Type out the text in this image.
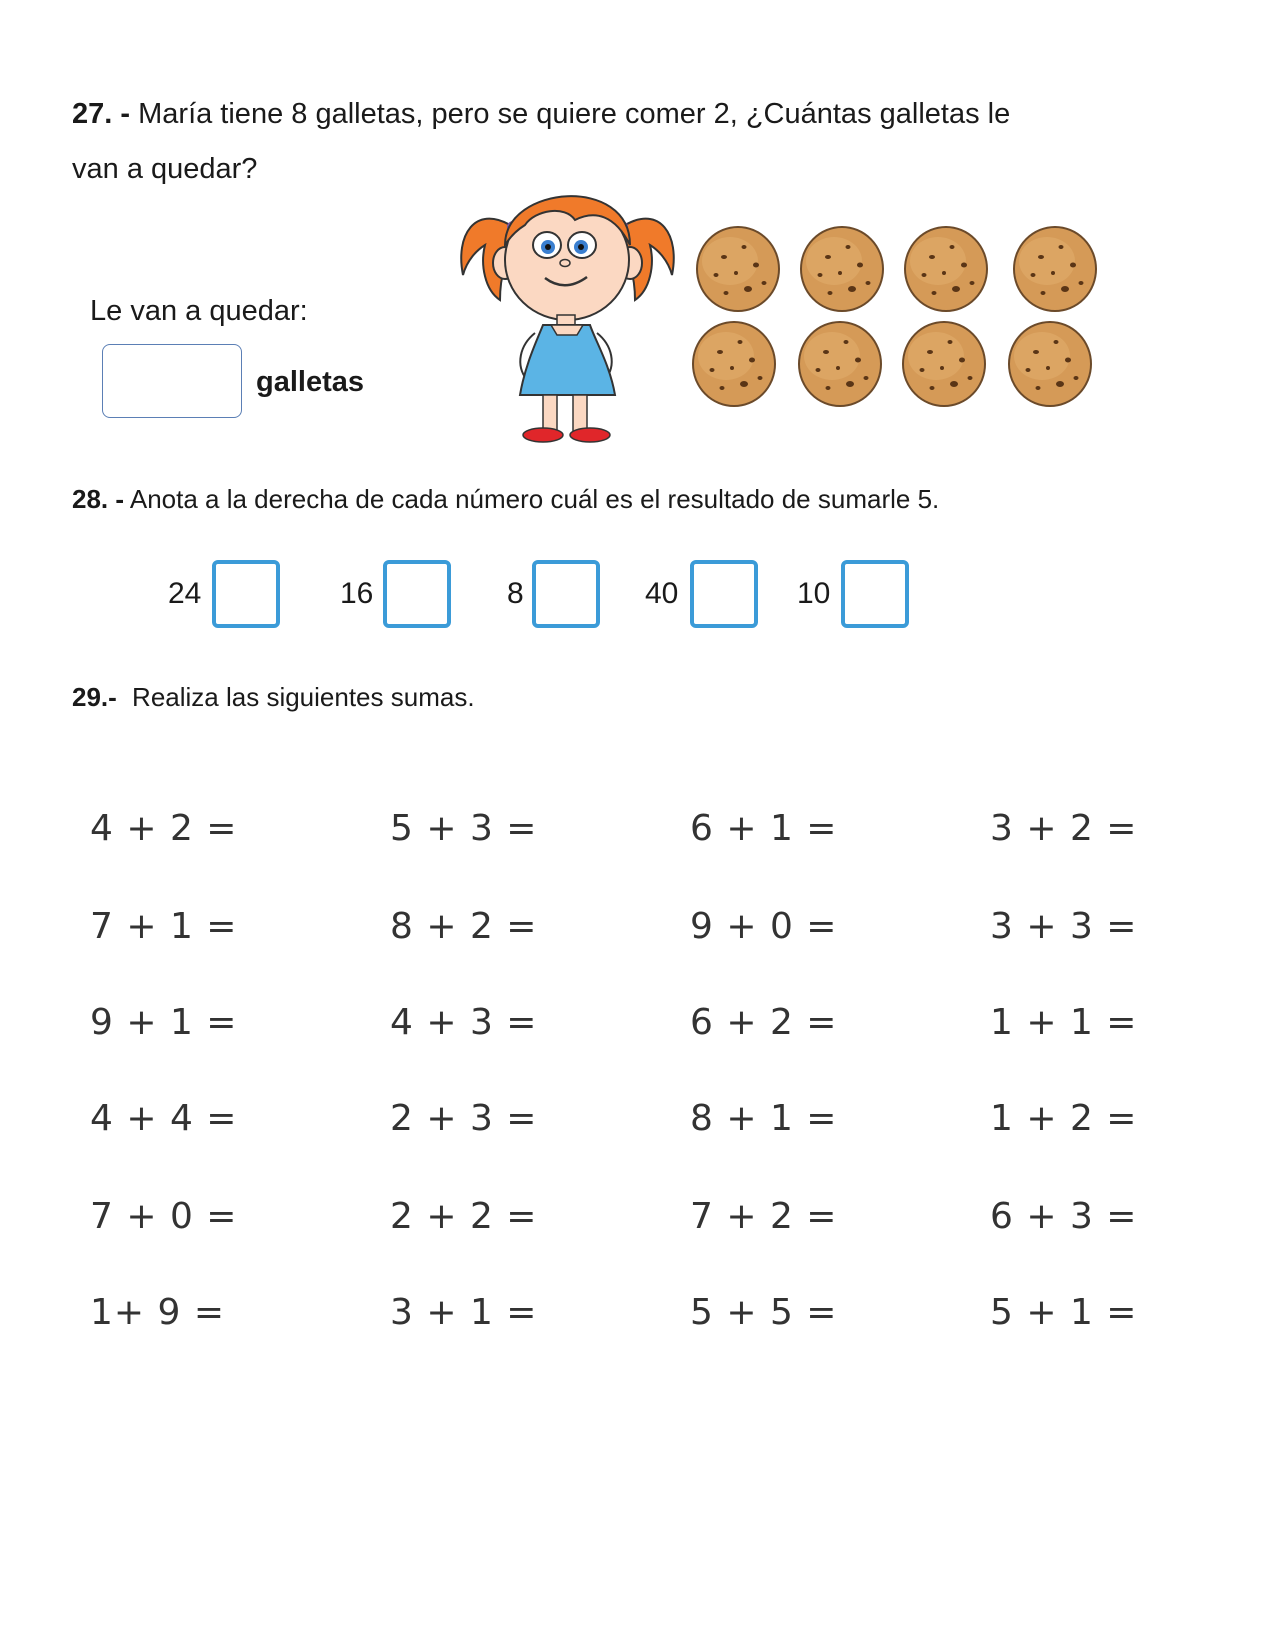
27. - María tiene 8 galletas, pero se quiere comer 2, ¿Cuántas galletas le
van a quedar?
Le van a quedar:
galletas
28. - Anota a la derecha de cada número cuál es el resultado de sumarle 5.
24	16	8	40	10
29.- Realiza las siguientes sumas.
4 + 2 =	5 + 3 =	6 + 1 =	3 + 2 =
7 + 1 =	8 + 2 =	9 + 0 =	3 + 3 =
9 + 1 =	4 + 3 =	6 + 2 =	1 + 1 =
4 + 4 =	2 + 3 =	8 + 1 =	1 + 2 =
7 + 0 =	2 + 2 =	7 + 2 =	6 + 3 =
1+ 9 =	3 + 1 =	5 + 5 =	5 + 1 =
